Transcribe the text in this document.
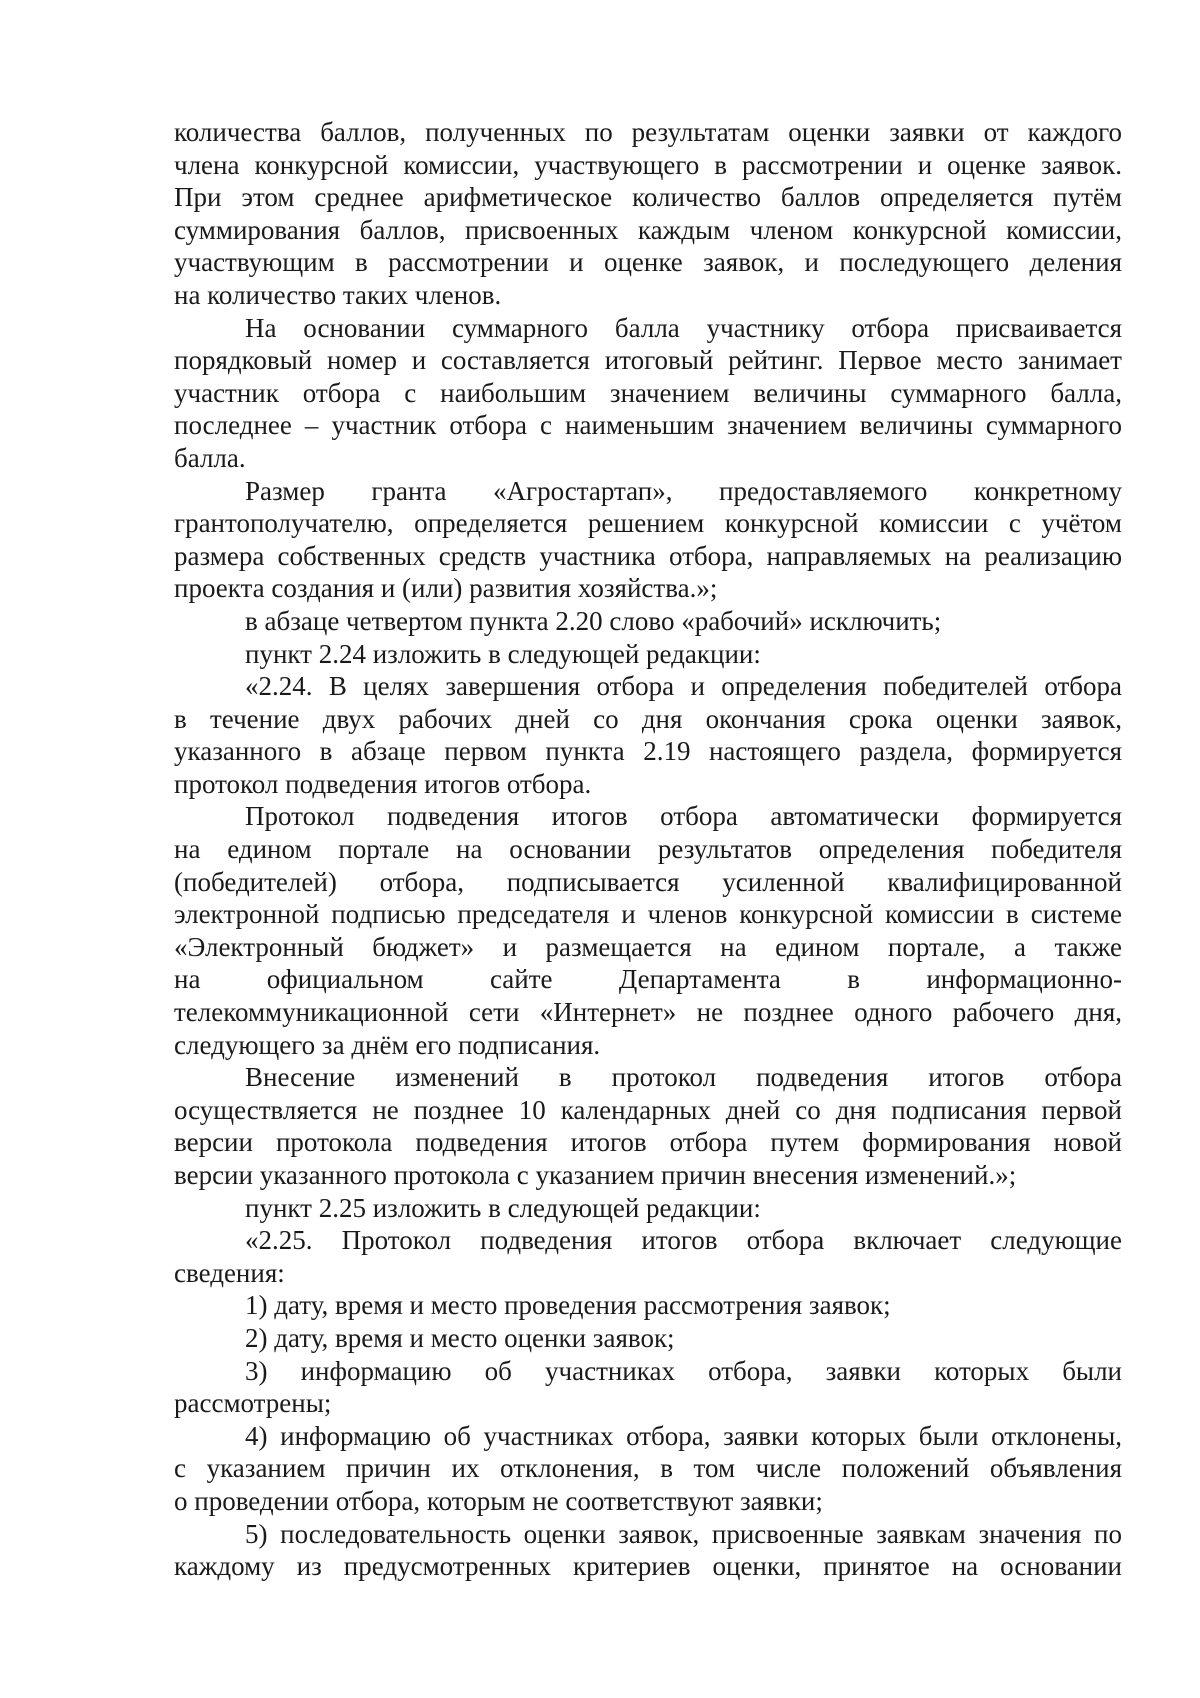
количества баллов, полученных по результатам оценки заявки от каждого
члена конкурсной комиссии, участвующего в рассмотрении и оценке заявок.
При этом среднее арифметическое количество баллов определяется путём
суммирования баллов, присвоенных каждым членом конкурсной комиссии,
участвующим в рассмотрении и оценке заявок, и последующего деления
на количество таких членов.
На основании суммарного балла участнику отбора присваивается
порядковый номер и составляется итоговый рейтинг. Первое место занимает
участник отбора с наибольшим значением величины суммарного балла,
последнее – участник отбора с наименьшим значением величины суммарного
балла.
Размер гранта «Агростартап», предоставляемого конкретному
грантополучателю, определяется решением конкурсной комиссии с учётом
размера собственных средств участника отбора, направляемых на реализацию
проекта создания и (или) развития хозяйства.»;
в абзаце четвертом пункта 2.20 слово «рабочий» исключить;
пункт 2.24 изложить в следующей редакции:
«2.24. В целях завершения отбора и определения победителей отбора
в течение двух рабочих дней со дня окончания срока оценки заявок,
указанного в абзаце первом пункта 2.19 настоящего раздела, формируется
протокол подведения итогов отбора.
Протокол подведения итогов отбора автоматически формируется
на едином портале на основании результатов определения победителя
(победителей) отбора, подписывается усиленной квалифицированной
электронной подписью председателя и членов конкурсной комиссии в системе
«Электронный бюджет» и размещается на едином портале, а также
на официальном сайте Департамента в информационно-
телекоммуникационной сети «Интернет» не позднее одного рабочего дня,
следующего за днём его подписания.
Внесение изменений в протокол подведения итогов отбора
осуществляется не позднее 10 календарных дней со дня подписания первой
версии протокола подведения итогов отбора путем формирования новой
версии указанного протокола с указанием причин внесения изменений.»;
пункт 2.25 изложить в следующей редакции:
«2.25. Протокол подведения итогов отбора включает следующие
сведения:
1) дату, время и место проведения рассмотрения заявок;
2) дату, время и место оценки заявок;
3) информацию об участниках отбора, заявки которых были
рассмотрены;
4) информацию об участниках отбора, заявки которых были отклонены,
с указанием причин их отклонения, в том числе положений объявления
о проведении отбора, которым не соответствуют заявки;
5) последовательность оценки заявок, присвоенные заявкам значения по
каждому из предусмотренных критериев оценки, принятое на основании
